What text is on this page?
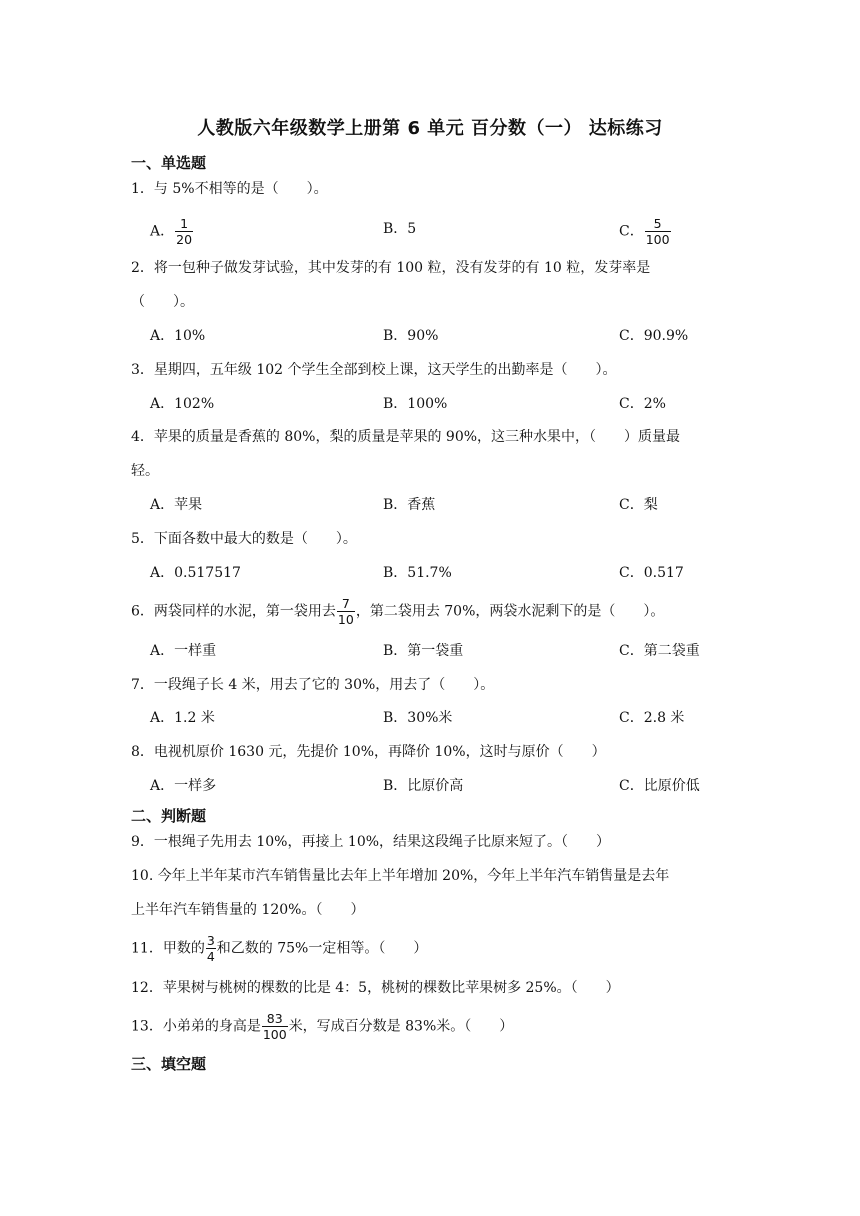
人教版六年级数学上册第 6 单元 百分数（一） 达标练习
一、单选题
1．与 5%不相等的是（　　）。
A． $\frac{1}{20}$	B．5	C． $\frac{5}{100}$
2．将一包种子做发芽试验，其中发芽的有 100 粒，没有发芽的有 10 粒，发芽率是
（　　）。
A．10%	B．90%	C．90.9%
3．星期四，五年级 102 个学生全部到校上课，这天学生的出勤率是（　　）。
A．102%	B．100%	C．2%
4．苹果的质量是香蕉的 80%，梨的质量是苹果的 90%，这三种水果中，（　　）质量最
轻。
A．苹果	B．香蕉	C．梨
5．下面各数中最大的数是（　　）。
A．0.517517	B．51.7%	C．0.517
6．两袋同样的水泥，第一袋用去 $\frac{7}{10}$ ，第二袋用去 70%，两袋水泥剩下的是（　　）。
A．一样重	B．第一袋重	C．第二袋重
7．一段绳子长 4 米，用去了它的 30%，用去了（　　）。
A．1.2 米	B．30%米	C．2.8 米
8．电视机原价 1630 元，先提价 10%，再降价 10%，这时与原价（　　）
A．一样多	B．比原价高	C．比原价低
二、判断题
9．一根绳子先用去 10%，再接上 10%，结果这段绳子比原来短了。（　　）
10. 今年上半年某市汽车销售量比去年上半年增加 20%，今年上半年汽车销售量是去年
上半年汽车销售量的 120%。（　　）
11．甲数的 $\frac{3}{4}$ 和乙数的 75%一定相等。（　　）
12．苹果树与桃树的棵数的比是 4：5，桃树的棵数比苹果树多 25%。（　　）
13．小弟弟的身高是 $\frac{83}{100}$ 米，写成百分数是 83%米。（　　）
三、填空题
